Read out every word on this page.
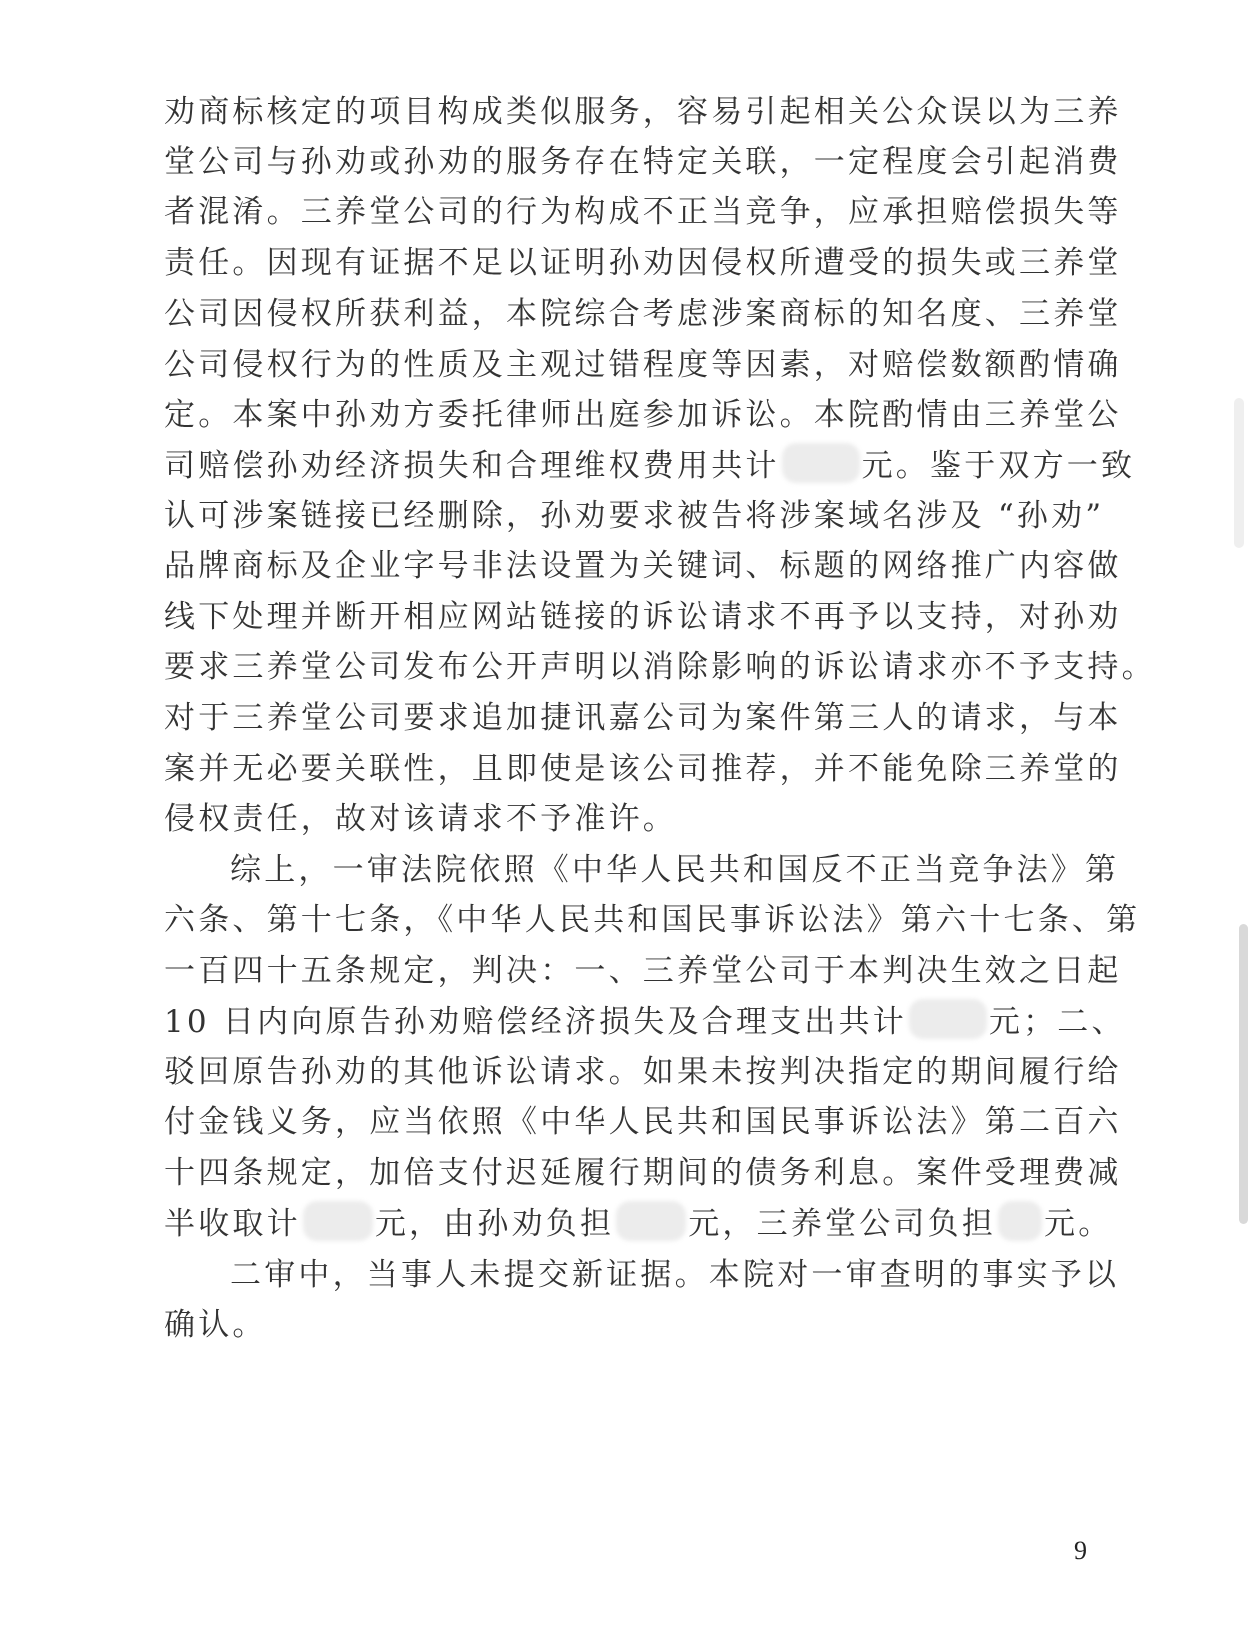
劝商标核定的项目构成类似服务，容易引起相关公众误以为三养
堂公司与孙劝或孙劝的服务存在特定关联，一定程度会引起消费
者混淆。三养堂公司的行为构成不正当竞争，应承担赔偿损失等
责任。因现有证据不足以证明孙劝因侵权所遭受的损失或三养堂
公司因侵权所获利益，本院综合考虑涉案商标的知名度、三养堂
公司侵权行为的性质及主观过错程度等因素，对赔偿数额酌情确
定。本案中孙劝方委托律师出庭参加诉讼。本院酌情由三养堂公
司赔偿孙劝经济损失和合理维权费用共计	元。鉴于双方一致
认可涉案链接已经删除，孙劝要求被告将涉案域名涉及 “孙劝”
品牌商标及企业字号非法设置为关键词、标题的网络推广内容做
线下处理并断开相应网站链接的诉讼请求不再予以支持，对孙劝
要求三养堂公司发布公开声明以消除影响的诉讼请求亦不予支持。
对于三养堂公司要求追加捷讯嘉公司为案件第三人的请求，与本
案并无必要关联性，且即使是该公司推荐，并不能免除三养堂的
侵权责任，故对该请求不予准许。
综上，一审法院依照《中华人民共和国反不正当竞争法》第
六条、第十七条，《中华人民共和国民事诉讼法》第六十七条、第
一百四十五条规定，判决：一、三养堂公司于本判决生效之日起
10 日内向原告孙劝赔偿经济损失及合理支出共计	元；二、
驳回原告孙劝的其他诉讼请求。如果未按判决指定的期间履行给
付金钱义务，应当依照《中华人民共和国民事诉讼法》第二百六
十四条规定，加倍支付迟延履行期间的债务利息。案件受理费减
半收取计 元，由孙劝负担 元，三养堂公司负担 元。
二审中，当事人未提交新证据。本院对一审查明的事实予以
确认。
9
